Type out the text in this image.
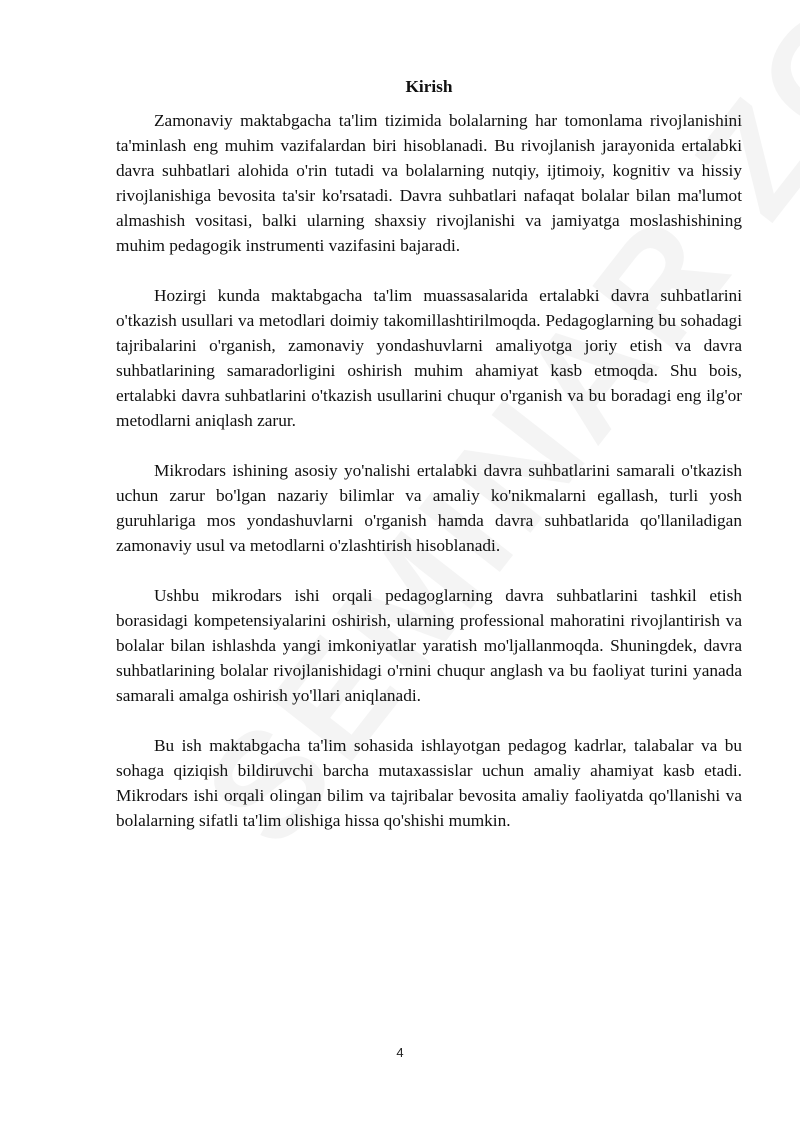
Kirish

Zamonaviy maktabgacha ta'lim tizimida bolalarning har tomonlama rivojlanishini ta'minlash eng muhim vazifalardan biri hisoblanadi. Bu rivojlanish jarayonida ertalabki davra suhbatlari alohida o'rin tutadi va bolalarning nutqiy, ijtimoiy, kognitiv va hissiy rivojlanishiga bevosita ta'sir ko'rsatadi. Davra suhbatlari nafaqat bolalar bilan ma'lumot almashish vositasi, balki ularning shaxsiy rivojlanishi va jamiyatga moslashishining muhim pedagogik instrumenti vazifasini bajaradi.

Hozirgi kunda maktabgacha ta'lim muassasalarida ertalabki davra suhbatlarini o'tkazish usullari va metodlari doimiy takomillashtirilmoqda. Pedagoglarning bu sohadagi tajribalarini o'rganish, zamonaviy yondashuvlarni amaliyotga joriy etish va davra suhbatlarining samaradorligini oshirish muhim ahamiyat kasb etmoqda. Shu bois, ertalabki davra suhbatlarini o'tkazish usullarini chuqur o'rganish va bu boradagi eng ilg'or metodlarni aniqlash zarur.

Mikrodars ishining asosiy yo'nalishi ertalabki davra suhbatlarini samarali o'tkazish uchun zarur bo'lgan nazariy bilimlar va amaliy ko'nikmalarni egallash, turli yosh guruhlariga mos yondashuvlarni o'rganish hamda davra suhbatlarida qo'llaniladigan zamonaviy usul va metodlarni o'zlashtirish hisoblanadi.

Ushbu mikrodars ishi orqali pedagoglarning davra suhbatlarini tashkil etish borasidagi kompetensiyalarini oshirish, ularning professional mahoratini rivojlantirish va bolalar bilan ishlashda yangi imkoniyatlar yaratish mo'ljallanmoqda. Shuningdek, davra suhbatlarining bolalar rivojlanishidagi o'rnini chuqur anglash va bu faoliyat turini yanada samarali amalga oshirish yo'llari aniqlanadi.

Bu ish maktabgacha ta'lim sohasida ishlayotgan pedagog kadrlar, talabalar va bu sohaga qiziqish bildiruvchi barcha mutaxassislar uchun amaliy ahamiyat kasb etadi. Mikrodars ishi orqali olingan bilim va tajribalar bevosita amaliy faoliyatda qo'llanishi va bolalarning sifatli ta'lim olishiga hissa qo'shishi mumkin.

4
